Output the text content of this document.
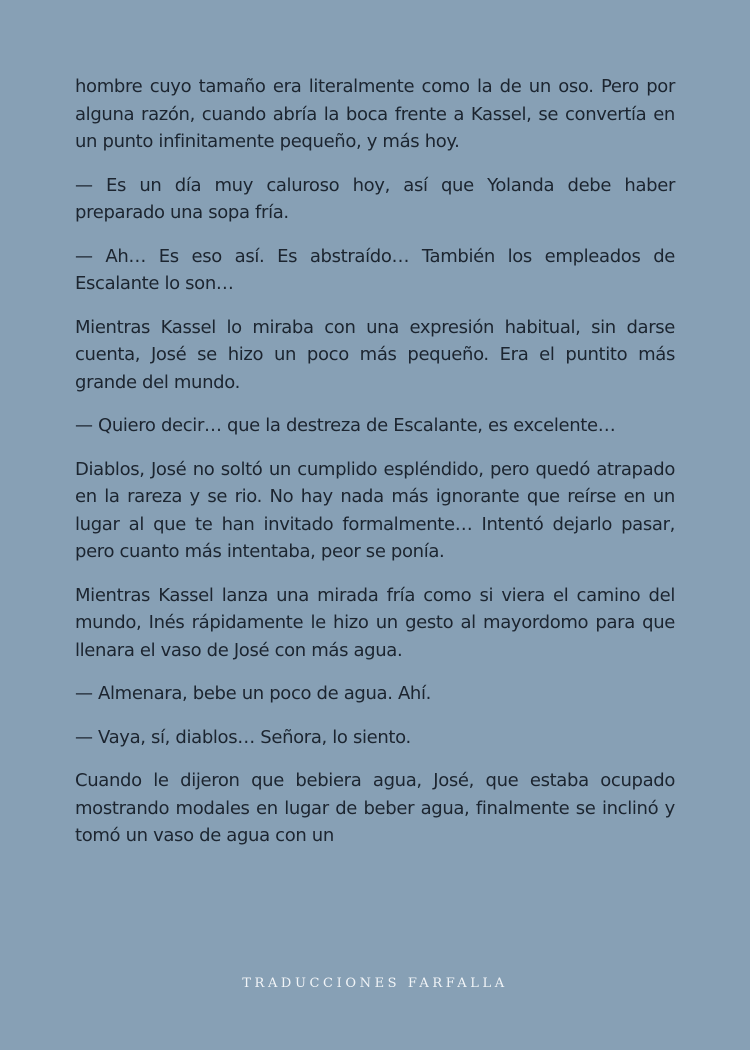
hombre cuyo tamaño era literalmente como la de un oso. Pero por alguna razón, cuando abría la boca frente a Kassel, se convertía en un punto infinitamente pequeño, y más hoy.

— Es un día muy caluroso hoy, así que Yolanda debe haber preparado una sopa fría.

— Ah… Es eso así. Es abstraído… También los empleados de Escalante lo son…

Mientras Kassel lo miraba con una expresión habitual, sin darse cuenta, José se hizo un poco más pequeño. Era el puntito más grande del mundo.

— Quiero decir… que la destreza de Escalante, es excelente…

Diablos, José no soltó un cumplido espléndido, pero quedó atrapado en la rareza y se rio. No hay nada más ignorante que reírse en un lugar al que te han invitado formalmente… Intentó dejarlo pasar, pero cuanto más intentaba, peor se ponía.

Mientras Kassel lanza una mirada fría como si viera el camino del mundo, Inés rápidamente le hizo un gesto al mayordomo para que llenara el vaso de José con más agua.

— Almenara, bebe un poco de agua. Ahí.

— Vaya, sí, diablos… Señora, lo siento.

Cuando le dijeron que bebiera agua, José, que estaba ocupado mostrando modales en lugar de beber agua, finalmente se inclinó y tomó un vaso de agua con un

TRADUCCIONES FARFALLA
